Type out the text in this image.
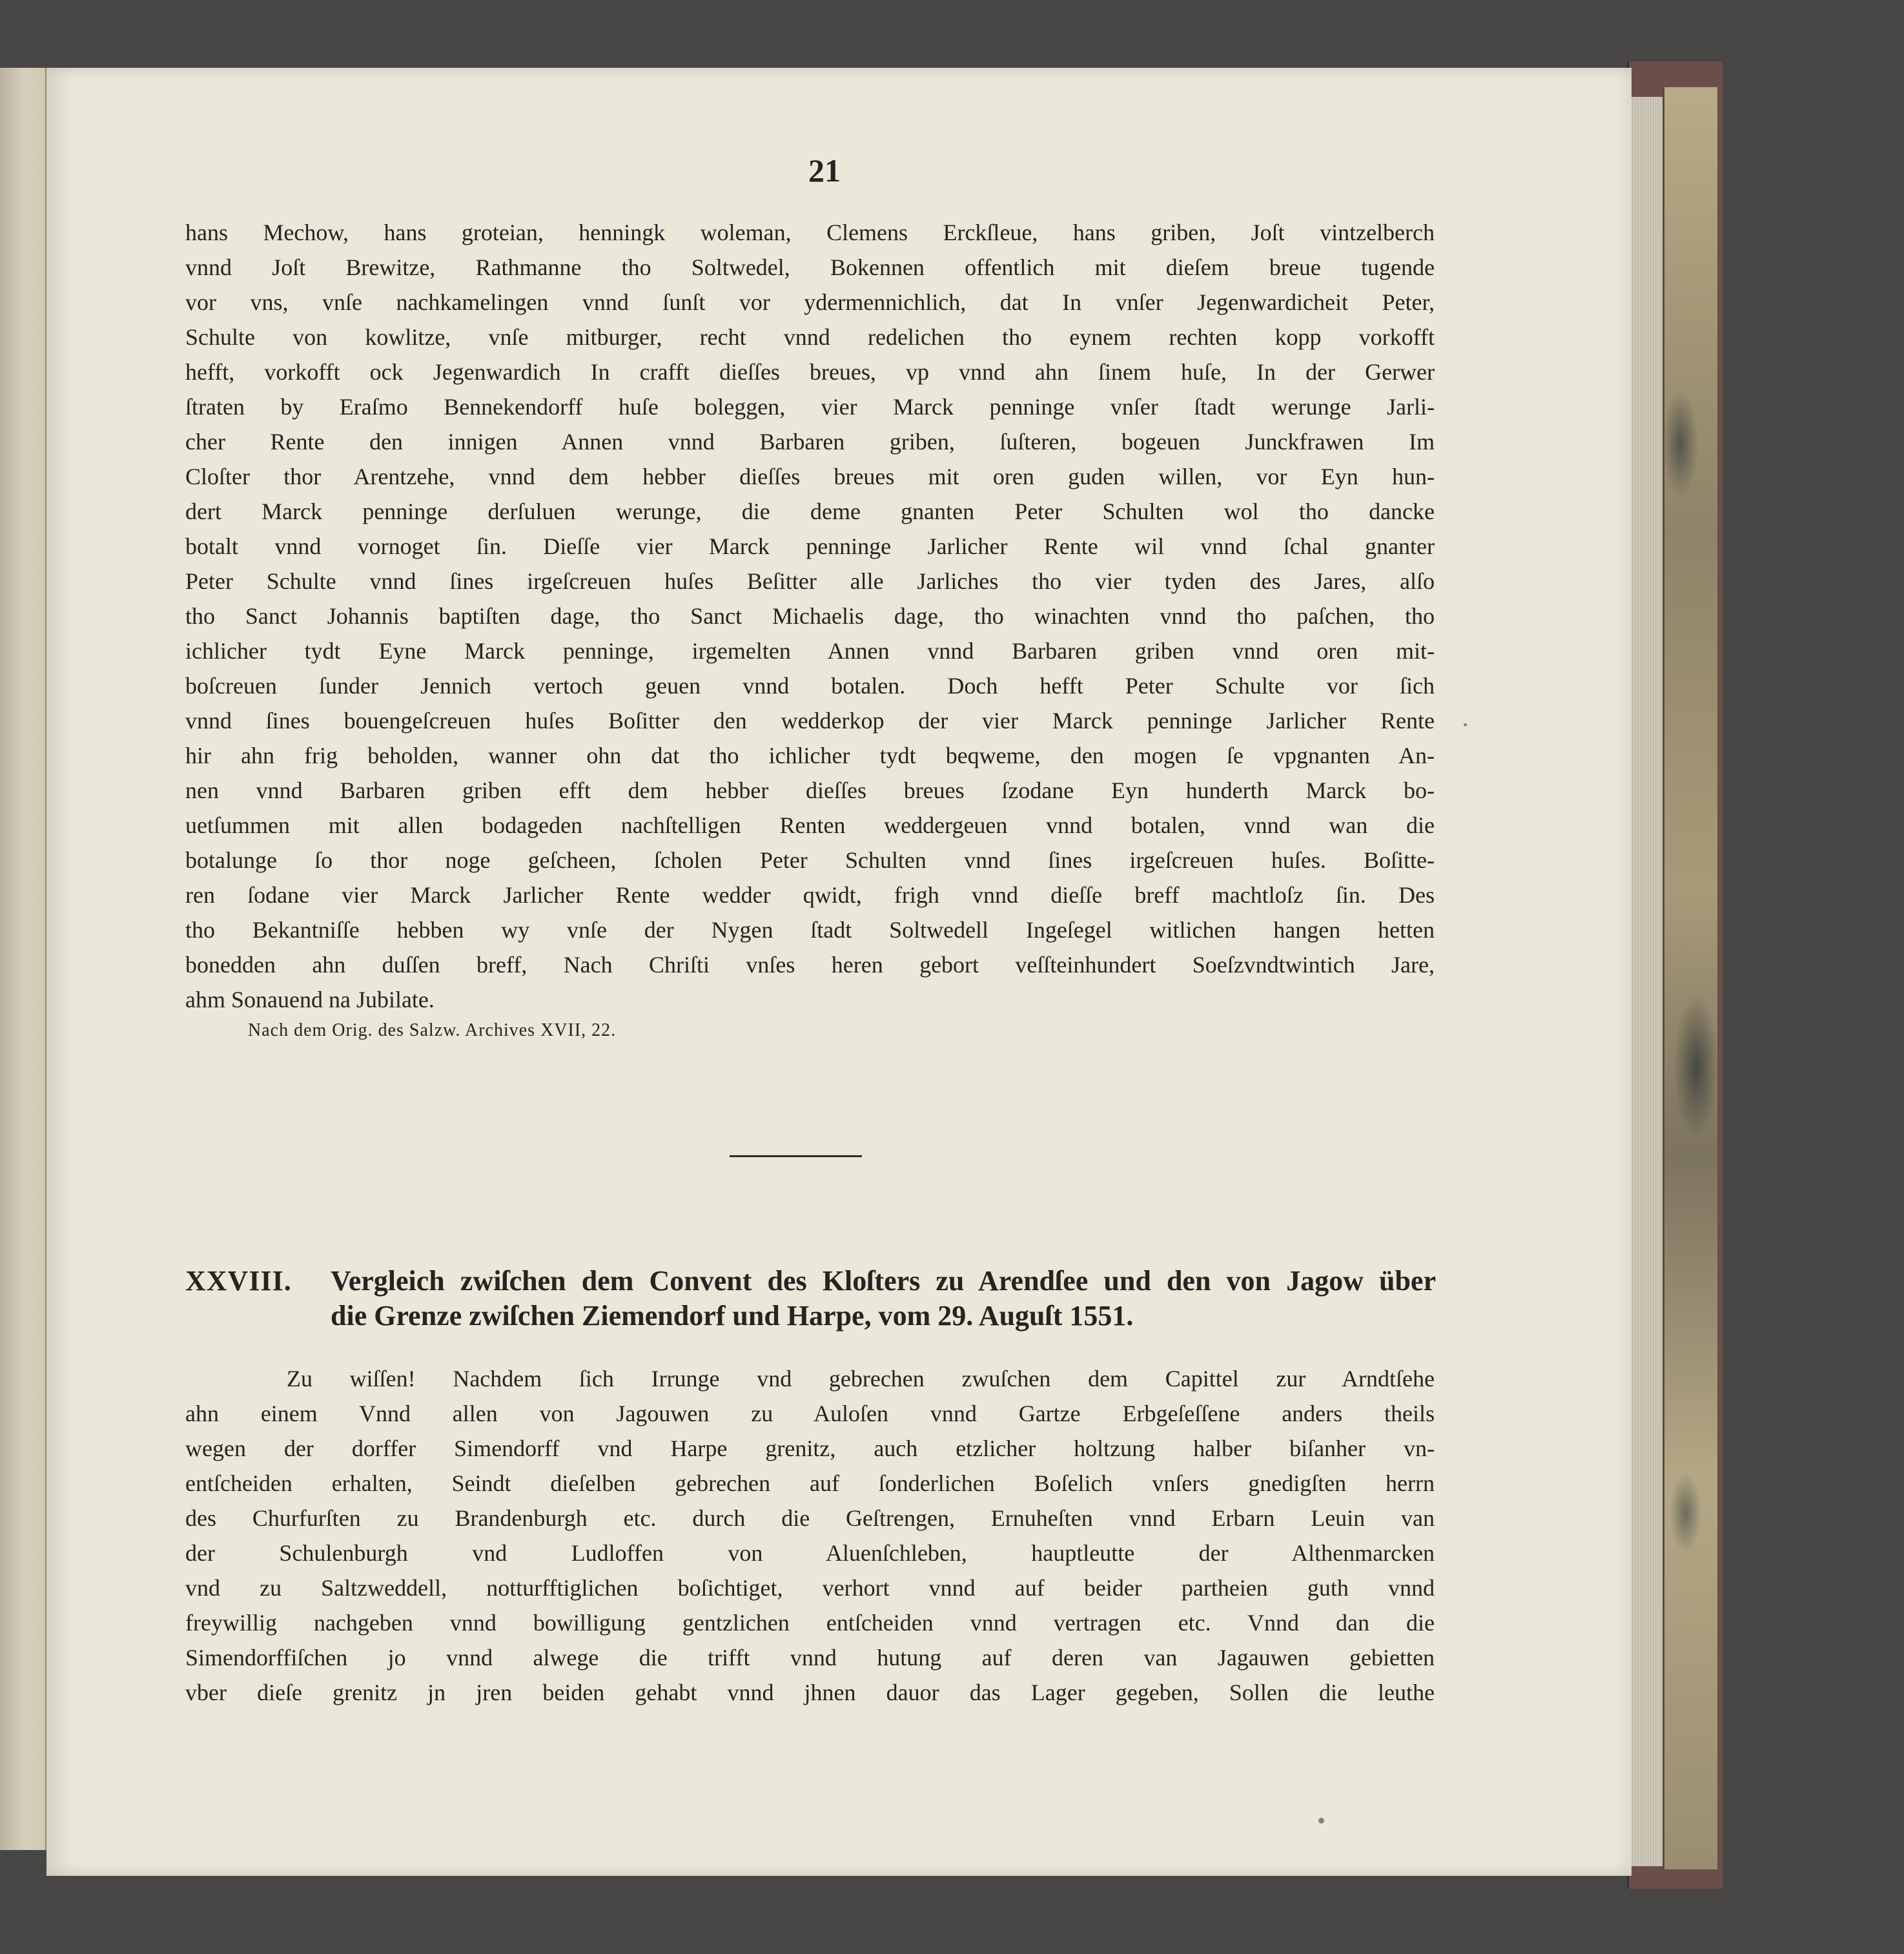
21
hans Mechow, hans groteian, henningk woleman, Clemens Erckſleue, hans griben, Joſt vintzelberch
vnnd Joſt Brewitze, Rathmanne tho Soltwedel, Bokennen offentlich mit dieſem breue tugende
vor vns, vnſe nachkamelingen vnnd ſunſt vor ydermennichlich, dat In vnſer Jegenwardicheit Peter,
Schulte von kowlitze, vnſe mitburger, recht vnnd redelichen tho eynem rechten kopp vorkofft
hefft, vorkofft ock Jegenwardich In crafft dieſſes breues, vp vnnd ahn ſinem huſe, In der Gerwer
ſtraten by Eraſmo Bennekendorff huſe boleggen, vier Marck penninge vnſer ſtadt werunge Jarli-
cher Rente den innigen Annen vnnd Barbaren griben, ſuſteren, bogeuen Junckfrawen Im
Cloſter thor Arentzehe, vnnd dem hebber dieſſes breues mit oren guden willen, vor Eyn hun-
dert Marck penninge derſuluen werunge, die deme gnanten Peter Schulten wol tho dancke
botalt vnnd vornoget ſin. Dieſſe vier Marck penninge Jarlicher Rente wil vnnd ſchal gnanter
Peter Schulte vnnd ſines irgeſcreuen huſes Beſitter alle Jarliches tho vier tyden des Jares, alſo
tho Sanct Johannis baptiſten dage, tho Sanct Michaelis dage, tho winachten vnnd tho paſchen, tho
ichlicher tydt Eyne Marck penninge, irgemelten Annen vnnd Barbaren griben vnnd oren mit-
boſcreuen ſunder Jennich vertoch geuen vnnd botalen. Doch hefft Peter Schulte vor ſich
vnnd ſines bouengeſcreuen huſes Boſitter den wedderkop der vier Marck penninge Jarlicher Rente
hir ahn frig beholden, wanner ohn dat tho ichlicher tydt beqweme, den mogen ſe vpgnanten An-
nen vnnd Barbaren griben efft dem hebber dieſſes breues ſzodane Eyn hunderth Marck bo-
uetſummen mit allen bodageden nachſtelligen Renten weddergeuen vnnd botalen, vnnd wan die
botalunge ſo thor noge geſcheen, ſcholen Peter Schulten vnnd ſines irgeſcreuen huſes. Boſitte-
ren ſodane vier Marck Jarlicher Rente wedder qwidt, frigh vnnd dieſſe breff machtloſz ſin. Des
tho Bekantniſſe hebben wy vnſe der Nygen ſtadt Soltwedell Ingeſegel witlichen hangen hetten
bonedden ahn duſſen breff, Nach Chriſti vnſes heren gebort veſſteinhundert Soeſzvndtwintich Jare,
ahm Sonauend na Jubilate.
Nach dem Orig. des Salzw. Archives XVII, 22.
XXVIII. Vergleich zwiſchen dem Convent des Kloſters zu Arendſee und den von Jagow über
die Grenze zwiſchen Ziemendorf und Harpe, vom 29. Auguſt 1551.
Zu wiſſen! Nachdem ſich Irrunge vnd gebrechen zwuſchen dem Capittel zur Arndtſehe
ahn einem Vnnd allen von Jagouwen zu Auloſen vnnd Gartze Erbgeſeſſene anders theils
wegen der dorffer Simendorff vnd Harpe grenitz, auch etzlicher holtzung halber biſanher vn-
entſcheiden erhalten, Seindt dieſelben gebrechen auf ſonderlichen Boſelich vnſers gnedigſten herrn
des Churfurſten zu Brandenburgh etc. durch die Geſtrengen, Ernuheſten vnnd Erbarn Leuin van
der Schulenburgh vnd Ludloffen von Aluenſchleben, hauptleutte der Althenmarcken
vnd zu Saltzweddell, notturfftiglichen boſichtiget, verhort vnnd auf beider partheien guth vnnd
freywillig nachgeben vnnd bowilligung gentzlichen entſcheiden vnnd vertragen etc. Vnnd dan die
Simendorffiſchen jo vnnd alwege die trifft vnnd hutung auf deren van Jagauwen gebietten
vber dieſe grenitz jn jren beiden gehabt vnnd jhnen dauor das Lager gegeben, Sollen die leuthe
